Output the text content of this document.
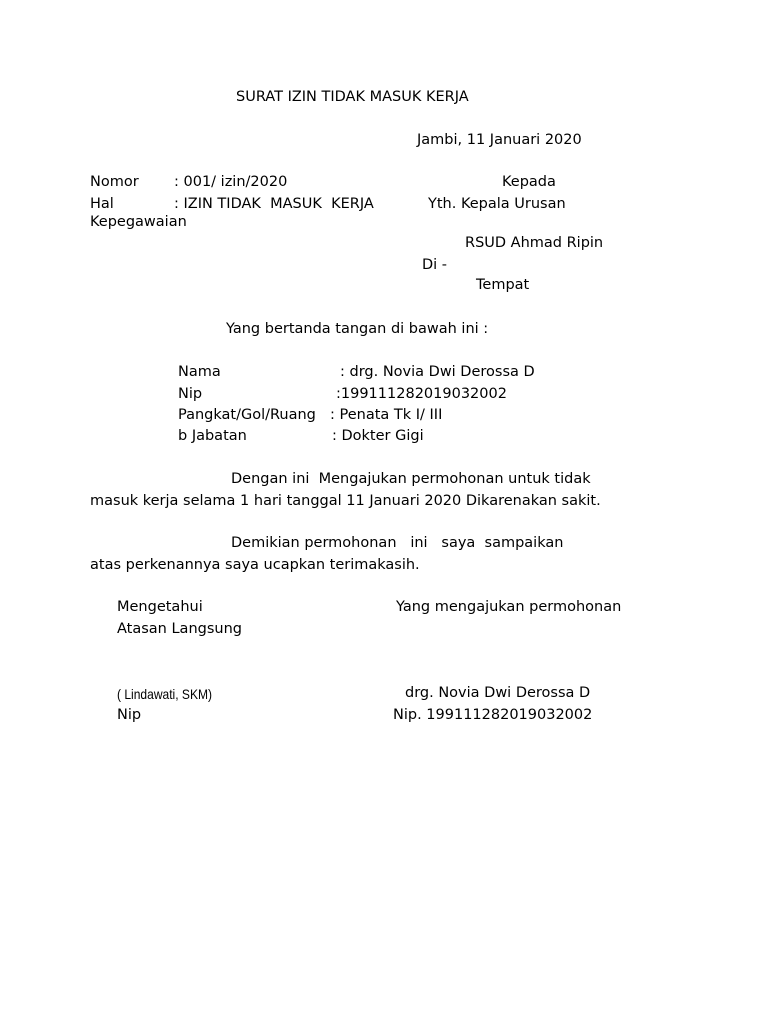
SURAT IZIN TIDAK MASUK KERJA
Jambi, 11 Januari 2020
Nomor : 001/ izin/2020	Kepada
Hal	: IZIN TIDAK  MASUK  KERJA	Yth. Kepala Urusan
Kepegawaian
RSUD Ahmad Ripin
Di -
Tempat
Yang bertanda tangan di bawah ini :
Nama	: drg. Novia Dwi Derossa D
Nip	:199111282019032002
Pangkat/Gol/Ruang : Penata Tk I/ III
b Jabatan	: Dokter Gigi
Dengan ini  Mengajukan permohonan untuk tidak
masuk kerja selama 1 hari tanggal 11 Januari 2020 Dikarenakan sakit.
Demikian permohonan   ini   saya  sampaikan
atas perkenannya saya ucapkan terimakasih.
Mengetahui	Yang mengajukan permohonan
Atasan Langsung
( Lindawati, SKM)	drg. Novia Dwi Derossa D
Nip	Nip. 199111282019032002
